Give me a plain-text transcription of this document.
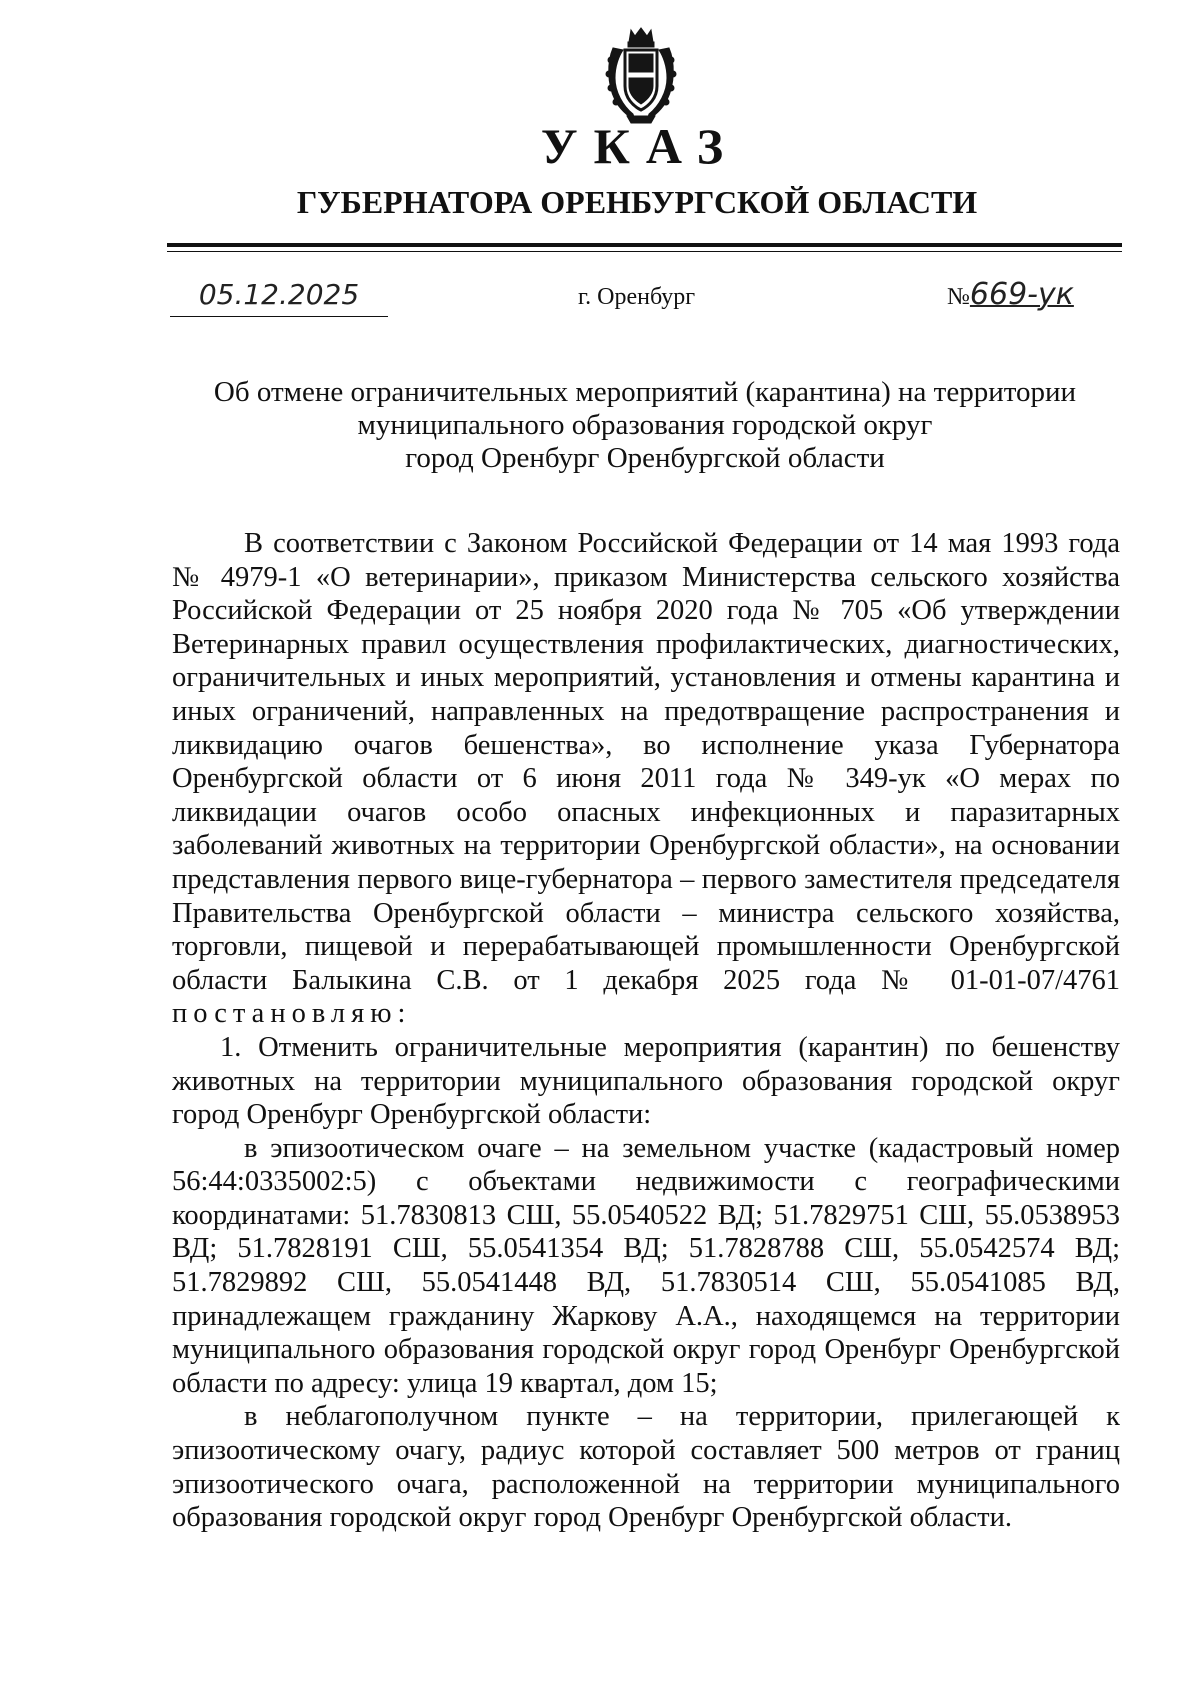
УКАЗ
ГУБЕРНАТОРА ОРЕНБУРГСКОЙ ОБЛАСТИ
05.12.2025	г. Оренбург	№669-ук
Об отмене ограничительных мероприятий (карантина) на территории
муниципального образования городской округ
город Оренбург Оренбургской области

В соответствии с Законом Российской Федерации от 14 мая 1993 года № 4979-1 «О ветеринарии», приказом Министерства сельского хозяйства Российской Федерации от 25 ноября 2020 года № 705 «Об утверждении Ветеринарных правил осуществления профилактических, диагностических, ограничительных и иных мероприятий, установления и отмены карантина и иных ограничений, направленных на предотвращение распространения и ликвидацию очагов бешенства», во исполнение указа Губернатора Оренбургской области от 6 июня 2011 года № 349-ук «О мерах по ликвидации очагов особо опасных инфекционных и паразитарных заболеваний животных на территории Оренбургской области», на основании представления первого вице-губернатора – первого заместителя председателя Правительства Оренбургской области – министра сельского хозяйства, торговли, пищевой и перерабатывающей промышленности Оренбургской области Балыкина С.В. от 1 декабря 2025 года № 01-01-07/4761 постановляю:

1. Отменить ограничительные мероприятия (карантин) по бешенству животных на территории муниципального образования городской округ город Оренбург Оренбургской области:

в эпизоотическом очаге – на земельном участке (кадастровый номер 56:44:0335002:5) с объектами недвижимости с географическими координатами: 51.7830813 СШ, 55.0540522 ВД; 51.7829751 СШ, 55.0538953 ВД; 51.7828191 СШ, 55.0541354 ВД; 51.7828788 СШ, 55.0542574 ВД; 51.7829892 СШ, 55.0541448 ВД, 51.7830514 СШ, 55.0541085 ВД, принадлежащем гражданину Жаркову А.А., находящемся на территории муниципального образования городской округ город Оренбург Оренбургской области по адресу: улица 19 квартал, дом 15;

в неблагополучном пункте – на территории, прилегающей к эпизоотическому очагу, радиус которой составляет 500 метров от границ эпизоотического очага, расположенной на территории муниципального образования городской округ город Оренбург Оренбургской области.
